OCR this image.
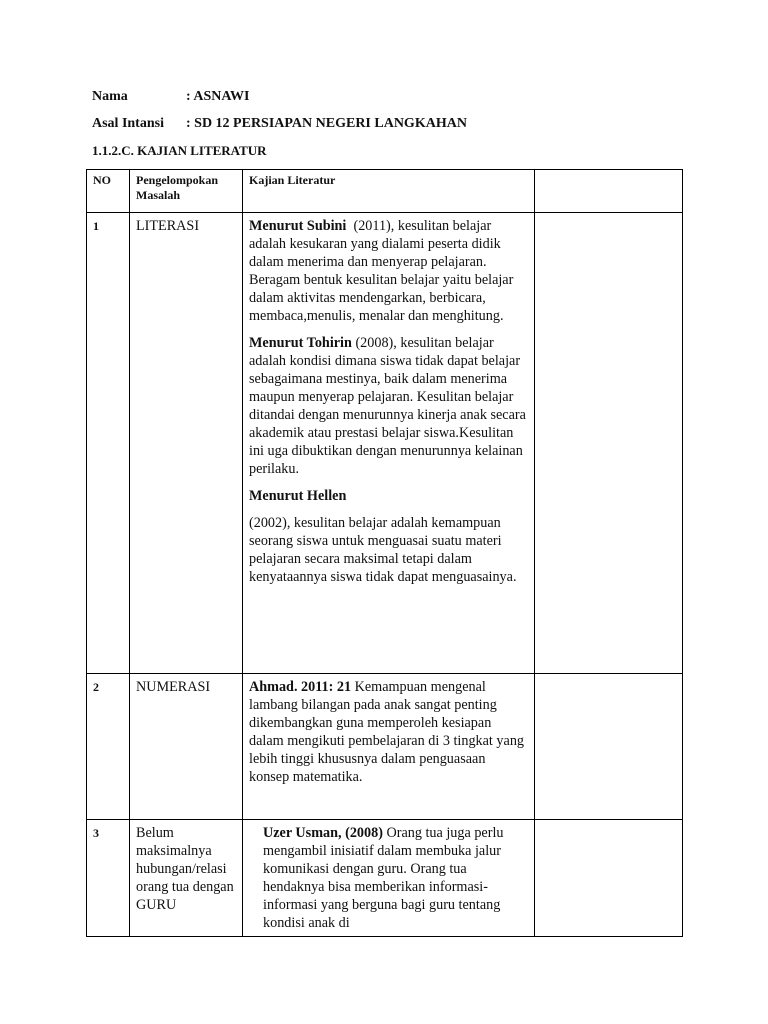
Nama	: ASNAWI
Asal Intansi : SD 12 PERSIAPAN NEGERI LANGKAHAN
1.1.2.C. KAJIAN LITERATUR
NO	Pengelompokan Masalah	Kajian Literatur	
1	LITERASI	Menurut Subini  (2011), kesulitan belajar adalah kesukaran yang dialami peserta didik dalam menerima dan menyerap pelajaran. Beragam bentuk kesulitan belajar yaitu belajar dalam aktivitas mendengarkan, berbicara, membaca,menulis, menalar dan menghitung.

Menurut Tohirin (2008), kesulitan belajar adalah kondisi dimana siswa tidak dapat belajar sebagaimana mestinya, baik dalam menerima maupun menyerap pelajaran. Kesulitan belajar ditandai dengan menurunnya kinerja anak secara akademik atau prestasi belajar siswa.Kesulitan ini uga dibuktikan dengan menurunnya kelainan perilaku.

Menurut Hellen

(2002), kesulitan belajar adalah kemampuan seorang siswa untuk menguasai suatu materi pelajaran secara maksimal tetapi dalam kenyataannya siswa tidak dapat menguasainya.	

2	NUMERASI	Ahmad. 2011: 21 Kemampuan mengenal lambang bilangan pada anak sangat penting dikembangkan guna memperoleh kesiapan dalam mengikuti pembelajaran di 3 tingkat yang lebih tinggi khususnya dalam penguasaan konsep matematika.	

3	Belum maksimalnya hubungan/relasi orang tua dengan GURU	Uzer Usman, (2008) Orang tua juga perlu mengambil inisiatif dalam membuka jalur komunikasi dengan guru. Orang tua hendaknya bisa memberikan informasi-informasi yang berguna bagi guru tentang kondisi anak di	
